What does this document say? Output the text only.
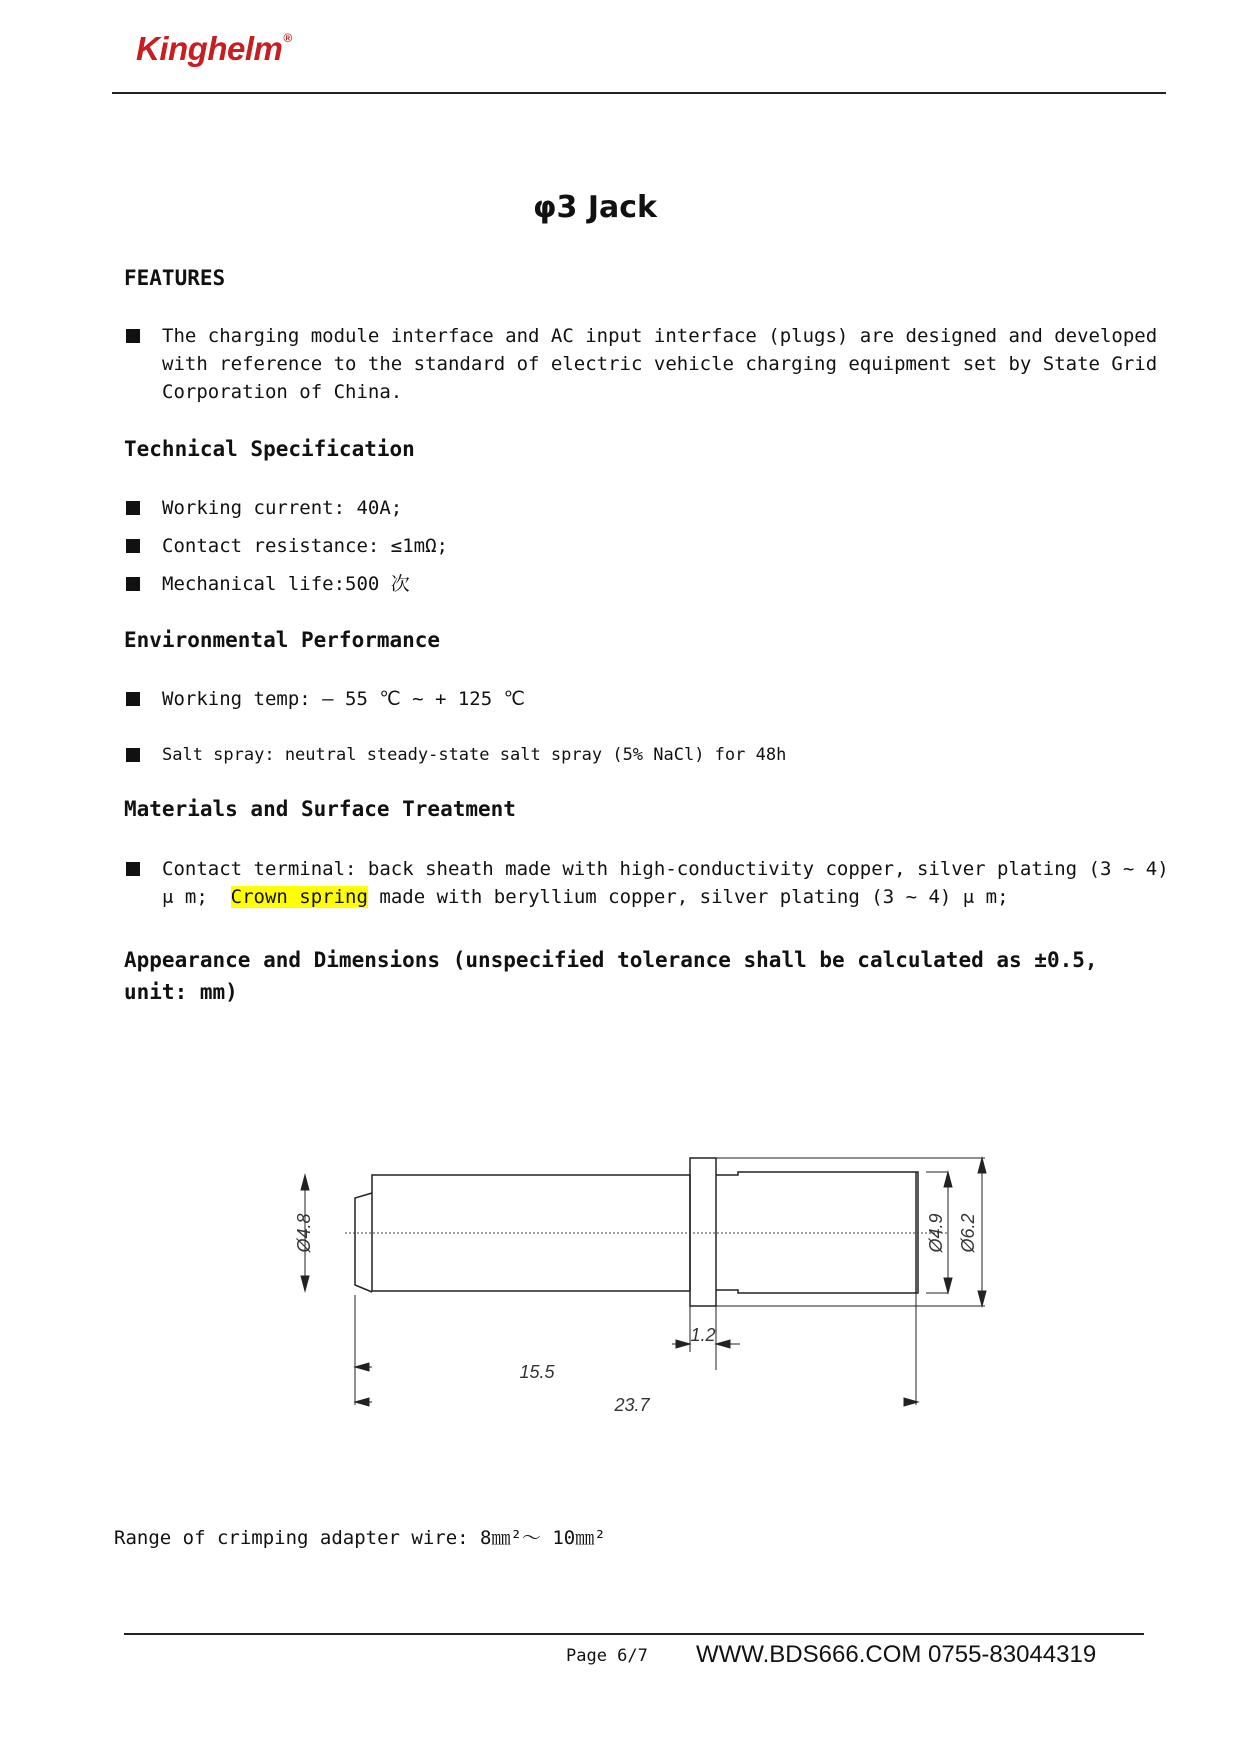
Kinghelm®
φ3 Jack
FEATURES
The charging module interface and AC input interface (plugs) are designed and developed with reference to the standard of electric vehicle charging equipment set by State Grid Corporation of China.
Technical Specification
Working current: 40A;
Contact resistance: ≤1mΩ;
Mechanical life:500 次
Environmental Performance
Working temp: – 55 ℃ ~ + 125 ℃
Salt spray: neutral steady-state salt spray (5% NaCl) for 48h
Materials and Surface Treatment
Contact terminal: back sheath made with high-conductivity copper, silver plating (3 ~ 4) μ m; Crown spring made with beryllium copper, silver plating (3 ~ 4) μ m;
Appearance and Dimensions (unspecified tolerance shall be calculated as ±0.5,
unit: mm)
Ø4.8	Ø4.9 Ø6.2
1.2
15.5
23.7
Range of crimping adapter wire: 8㎜²～ 10㎜²
Page 6/7 WWW.BDS666.COM 0755-83044319
